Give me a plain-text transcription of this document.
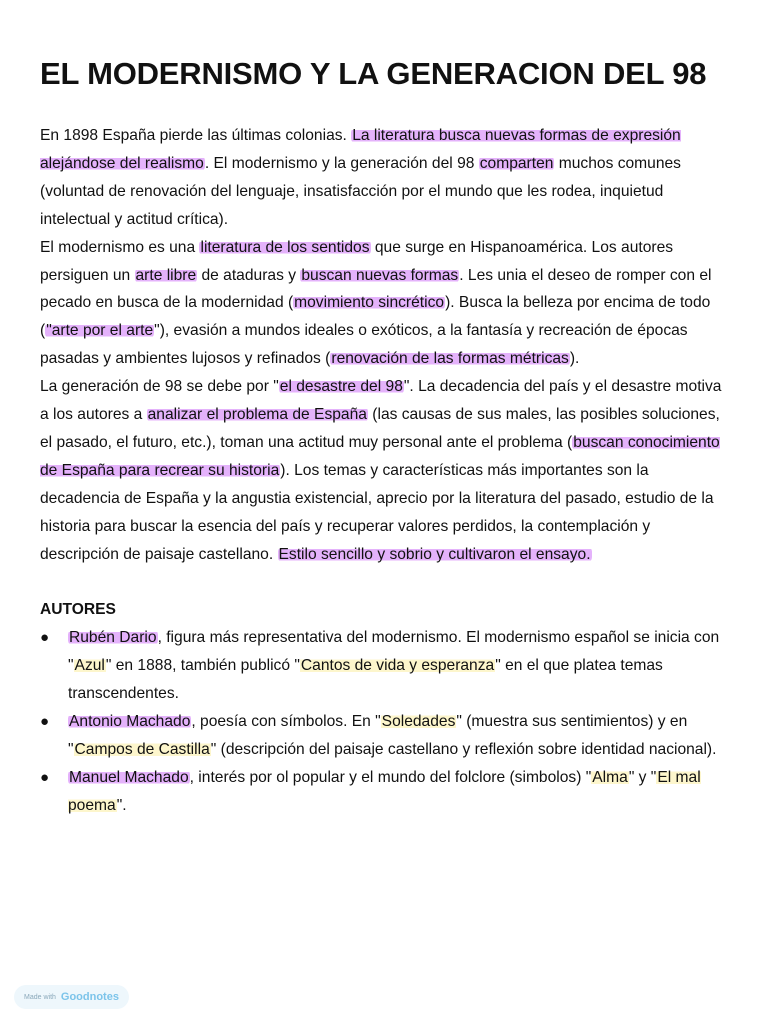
EL MODERNISMO Y LA GENERACION DEL 98

En 1898 España pierde las últimas colonias. La literatura busca nuevas formas de expresión alejándose del realismo. El modernismo y la generación del 98 comparten muchos comunes (voluntad de renovación del lenguaje, insatisfacción por el mundo que les rodea, inquietud intelectual y actitud crítica).

El modernismo es una literatura de los sentidos que surge en Hispanoamérica. Los autores persiguen un arte libre de ataduras y buscan nuevas formas. Les unia el deseo de romper con el pecado en busca de la modernidad (movimiento sincrético). Busca la belleza por encima de todo ("arte por el arte"), evasión a mundos ideales o exóticos, a la fantasía y recreación de épocas pasadas y ambientes lujosos y refinados (renovación de las formas métricas).

La generación de 98 se debe por "el desastre del 98". La decadencia del país y el desastre motiva a los autores a analizar el problema de España (las causas de sus males, las posibles soluciones, el pasado, el futuro, etc.), toman una actitud muy personal ante el problema (buscan conocimiento de España para recrear su historia). Los temas y características más importantes son la decadencia de España y la angustia existencial, aprecio por la literatura del pasado, estudio de la historia para buscar la esencia del país y recuperar valores perdidos, la contemplación y descripción de paisaje castellano. Estilo sencillo y sobrio y cultivaron el ensayo.

AUTORES

● Rubén Dario, figura más representativa del modernismo. El modernismo español se inicia con "Azul" en 1888, también publicó "Cantos de vida y esperanza" en el que platea temas transcendentes.
● Antonio Machado, poesía con símbolos. En "Soledades" (muestra sus sentimientos) y en "Campos de Castilla" (descripción del paisaje castellano y reflexión sobre identidad nacional).
● Manuel Machado, interés por ol popular y el mundo del folclore (simbolos) "Alma" y "El mal poema".
Made with Goodnotes
